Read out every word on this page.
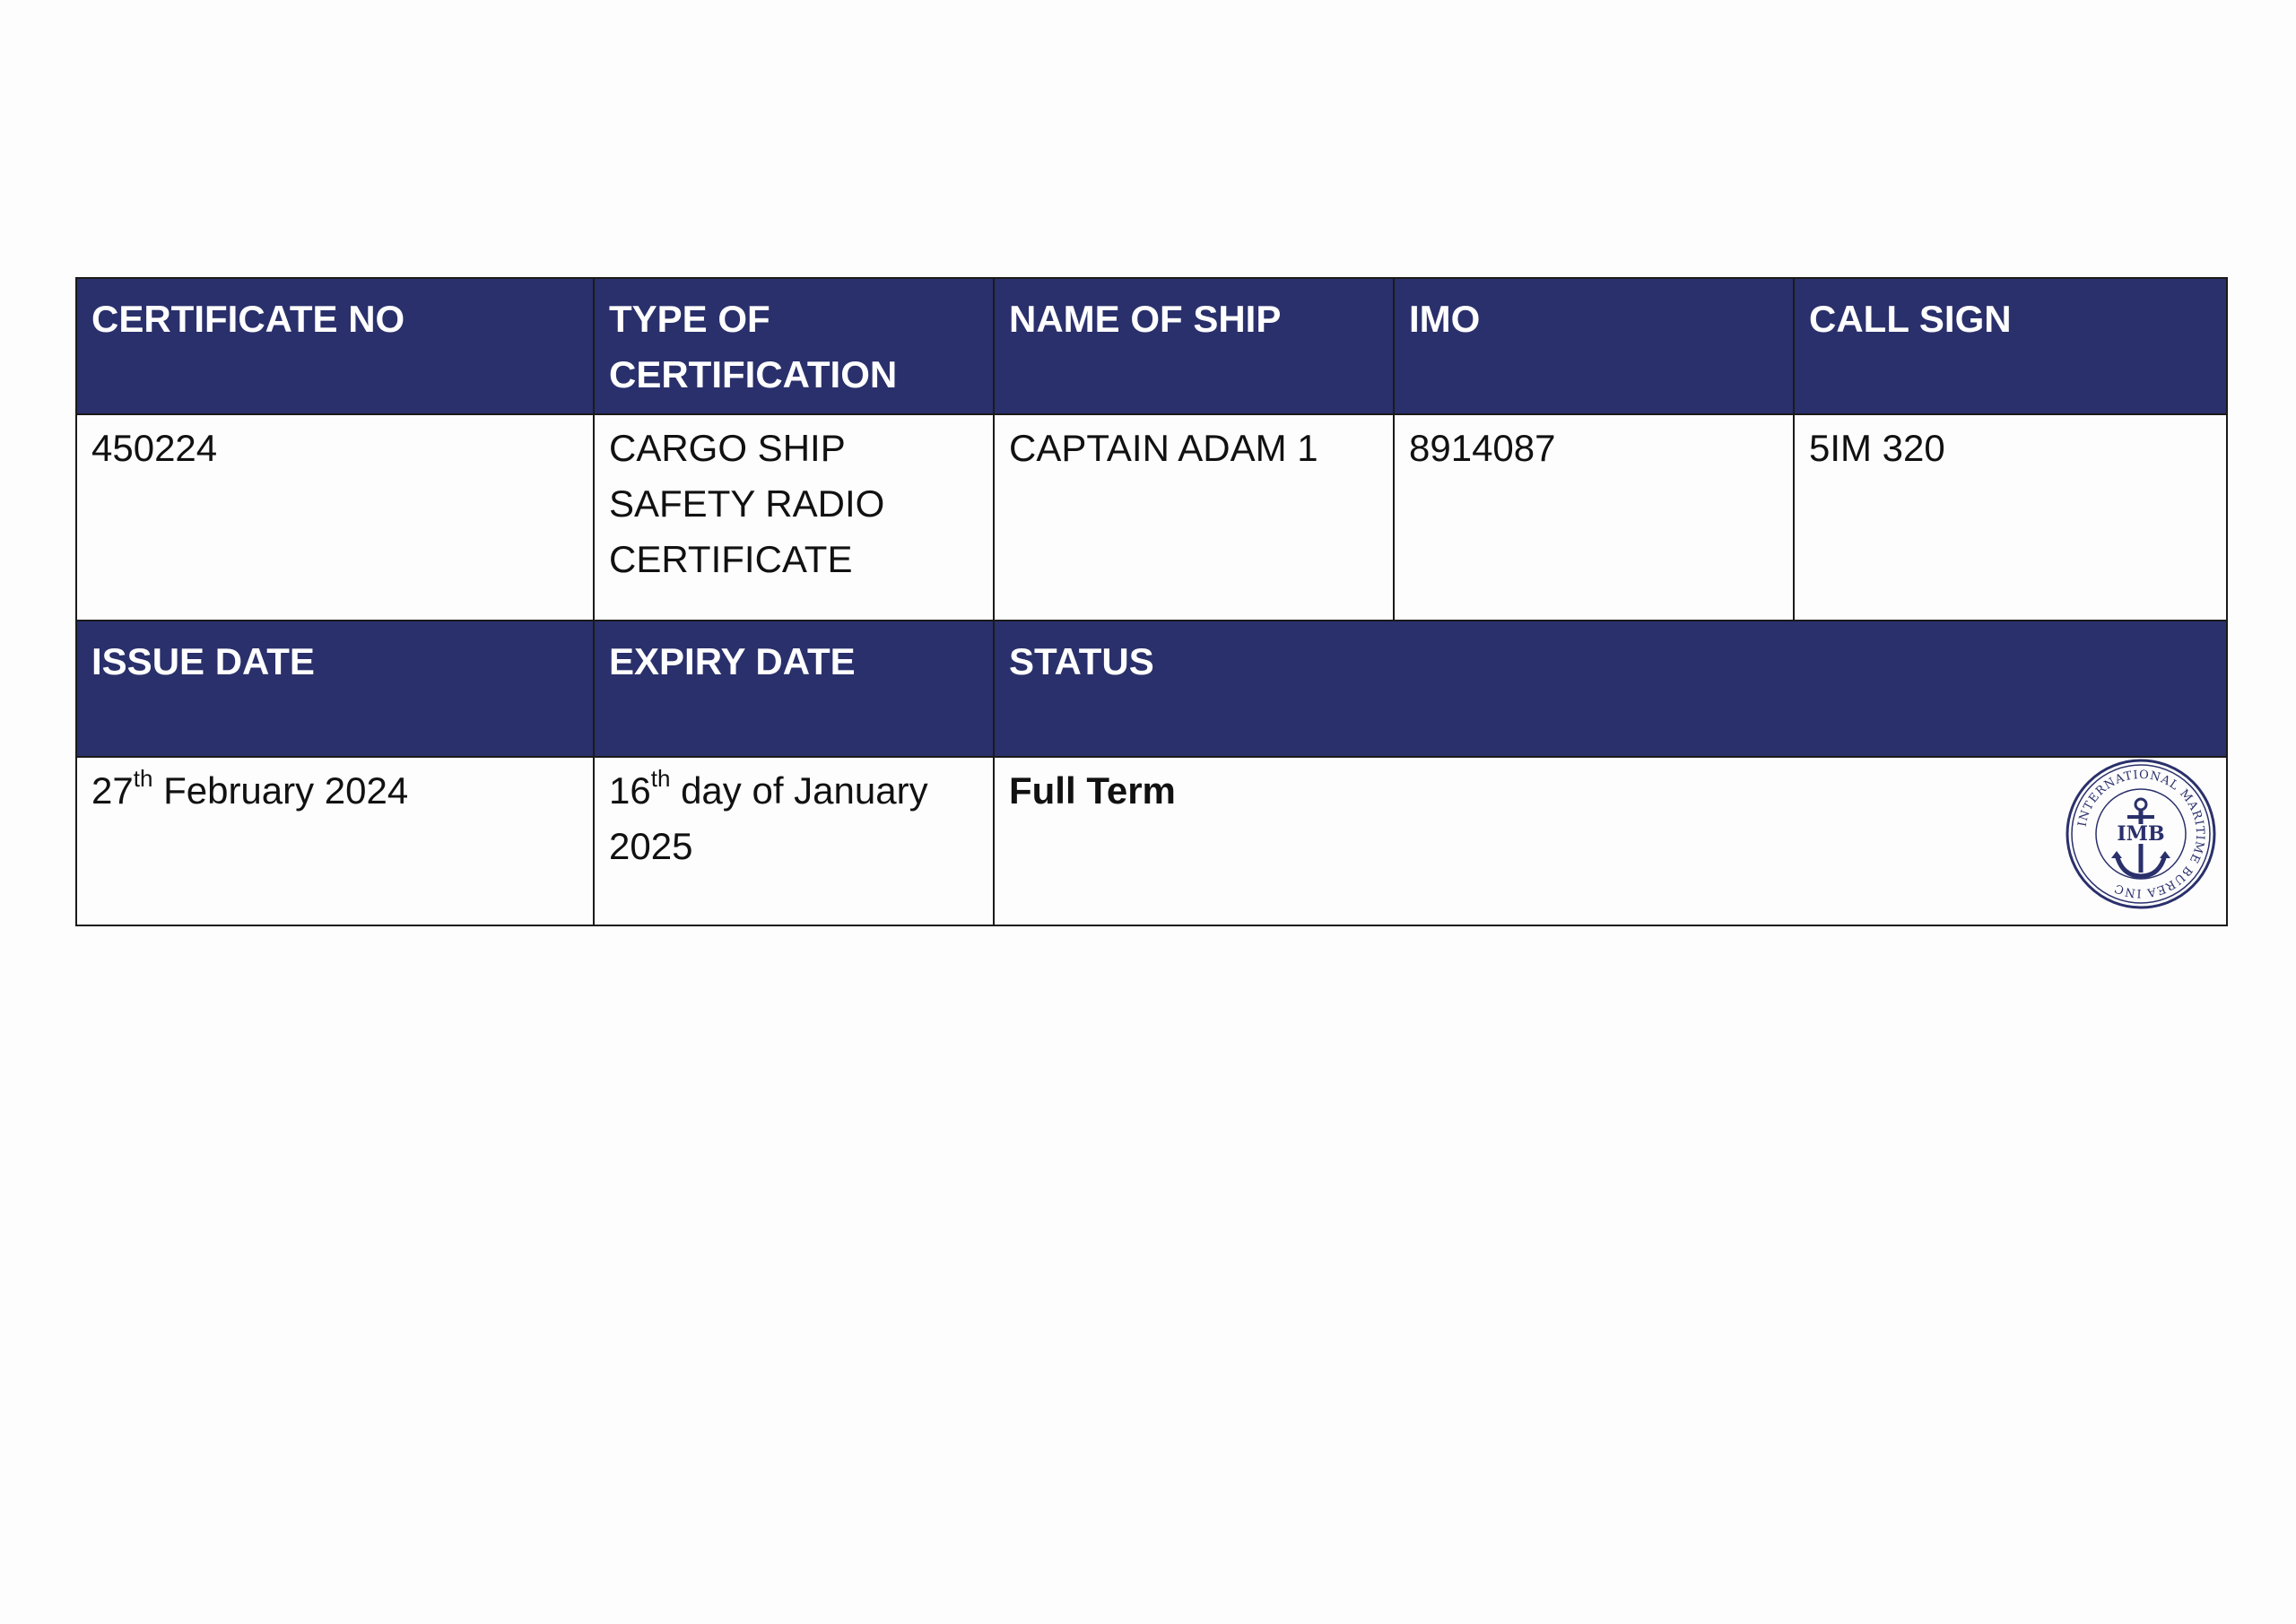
CERTIFICATE NO	TYPE OF CERTIFICATION	NAME OF SHIP	IMO	CALL SIGN
450224	CARGO SHIP SAFETY RADIO CERTIFICATE	CAPTAIN ADAM 1	8914087	5IM 320
ISSUE DATE	EXPIRY DATE	STATUS		
27th February 2024	16th day of January 2025	Full Term
INTERNATIONAL MARITIME BUREA INC
IMB		
